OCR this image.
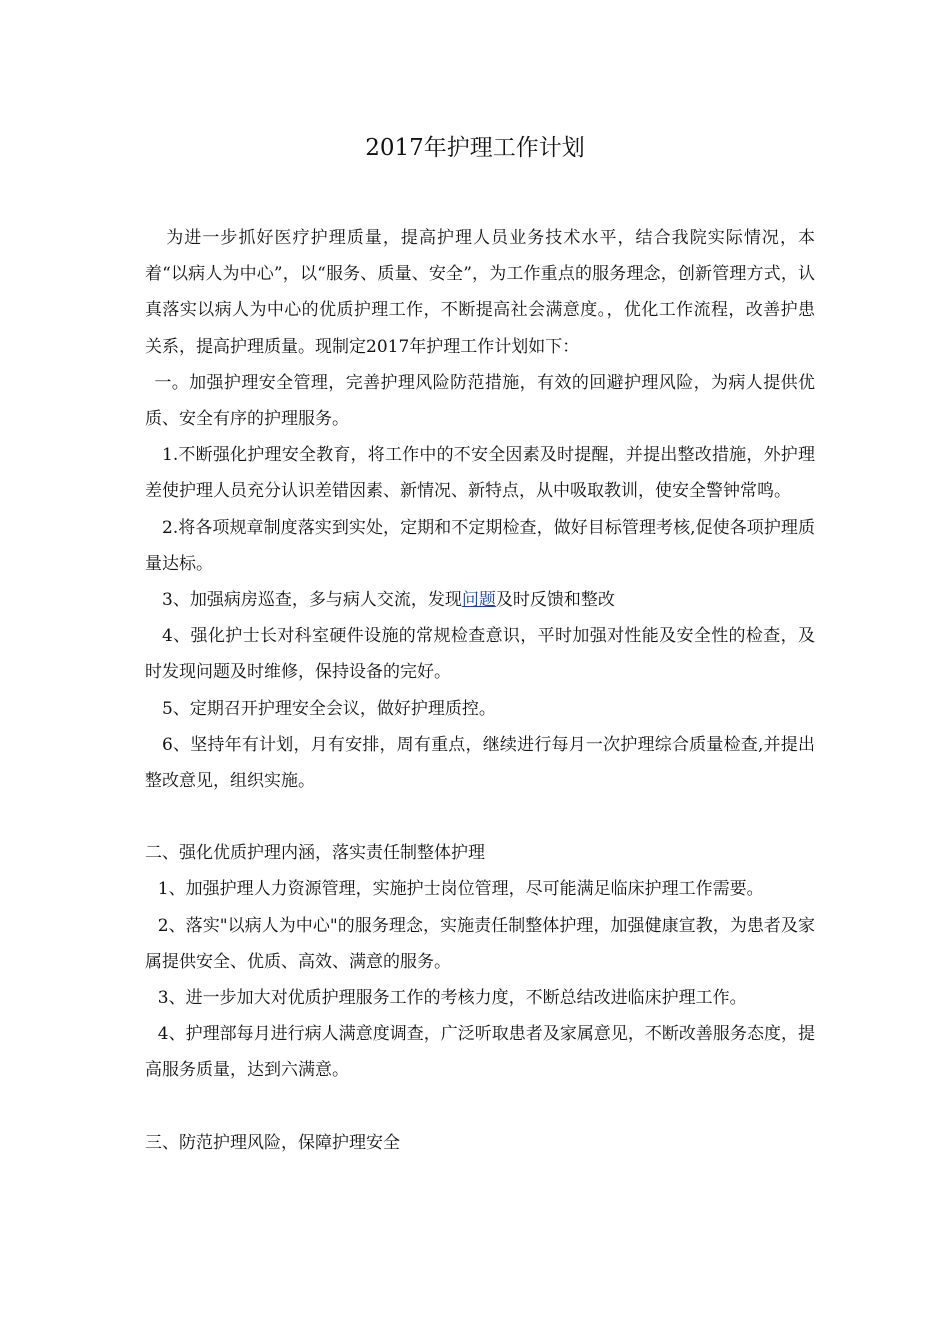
2017年护理工作计划

为进一步抓好医疗护理质量，提高护理人员业务技术水平，结合我院实际情况，本着“以病人为中心”，以“服务、质量、安全”，为工作重点的服务理念，创新管理方式，认真落实以病人为中心的优质护理工作，不断提高社会满意度。，优化工作流程，改善护患关系，提高护理质量。现制定2017年护理工作计划如下：

一。加强护理安全管理，完善护理风险防范措施，有效的回避护理风险，为病人提供优质、安全有序的护理服务。

1.不断强化护理安全教育，将工作中的不安全因素及时提醒，并提出整改措施，外护理差使护理人员充分认识差错因素、新情况、新特点，从中吸取教训，使安全警钟常鸣。

2.将各项规章制度落实到实处，定期和不定期检查，做好目标管理考核,促使各项护理质量达标。

3、加强病房巡查，多与病人交流，发现问题及时反馈和整改

4、强化护士长对科室硬件设施的常规检查意识，平时加强对性能及安全性的检查，及时发现问题及时维修，保持设备的完好。

5、定期召开护理安全会议，做好护理质控。

6、坚持年有计划，月有安排，周有重点，继续进行每月一次护理综合质量检查,并提出整改意见，组织实施。

二、强化优质护理内涵，落实责任制整体护理

1、加强护理人力资源管理，实施护士岗位管理，尽可能满足临床护理工作需要。

2、落实"以病人为中心"的服务理念，实施责任制整体护理，加强健康宣教，为患者及家属提供安全、优质、高效、满意的服务。

3、进一步加大对优质护理服务工作的考核力度，不断总结改进临床护理工作。

4、护理部每月进行病人满意度调查，广泛听取患者及家属意见，不断改善服务态度，提高服务质量，达到六满意。

三、防范护理风险，保障护理安全
